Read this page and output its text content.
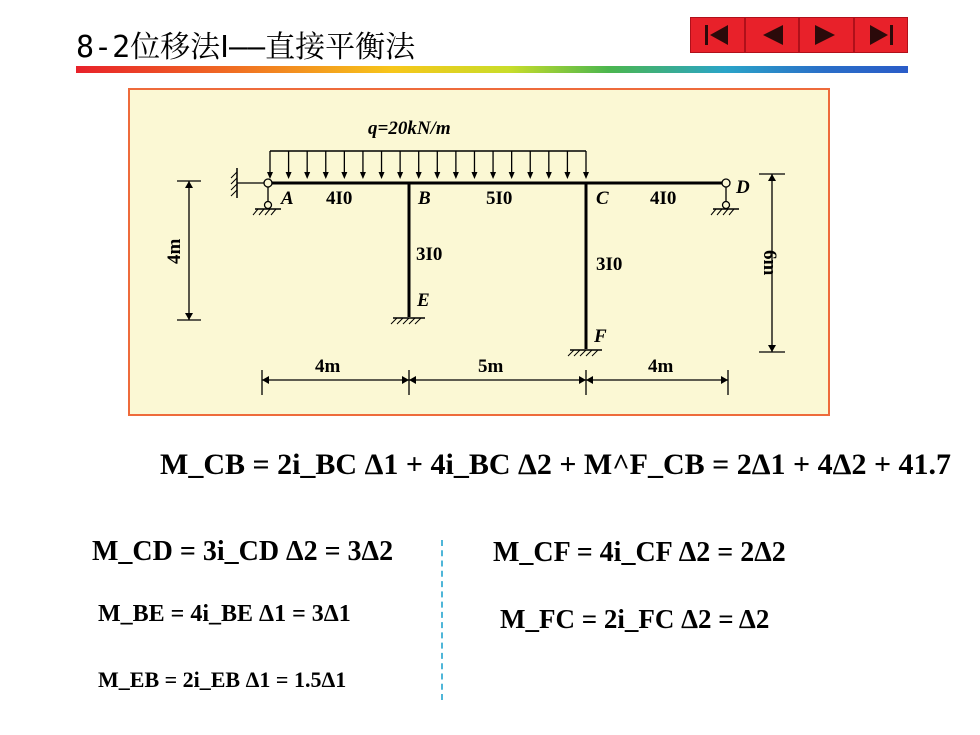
8-2位移法Ⅰ——直接平衡法
q=20kN/m
A	B	C
D
E
F
4I0	5I0	4I0
3I0	3I0
4m	5m	4m
4m	6m
M_CB = 2i_BC Δ1 + 4i_BC Δ2 + M^F_CB = 2Δ1 + 4Δ2 + 41.7
M_CD = 3i_CD Δ2 = 3Δ2
M_BE = 4i_BE Δ1 = 3Δ1
M_EB = 2i_EB Δ1 = 1.5Δ1
M_CF = 4i_CF Δ2 = 2Δ2
M_FC = 2i_FC Δ2 = Δ2
